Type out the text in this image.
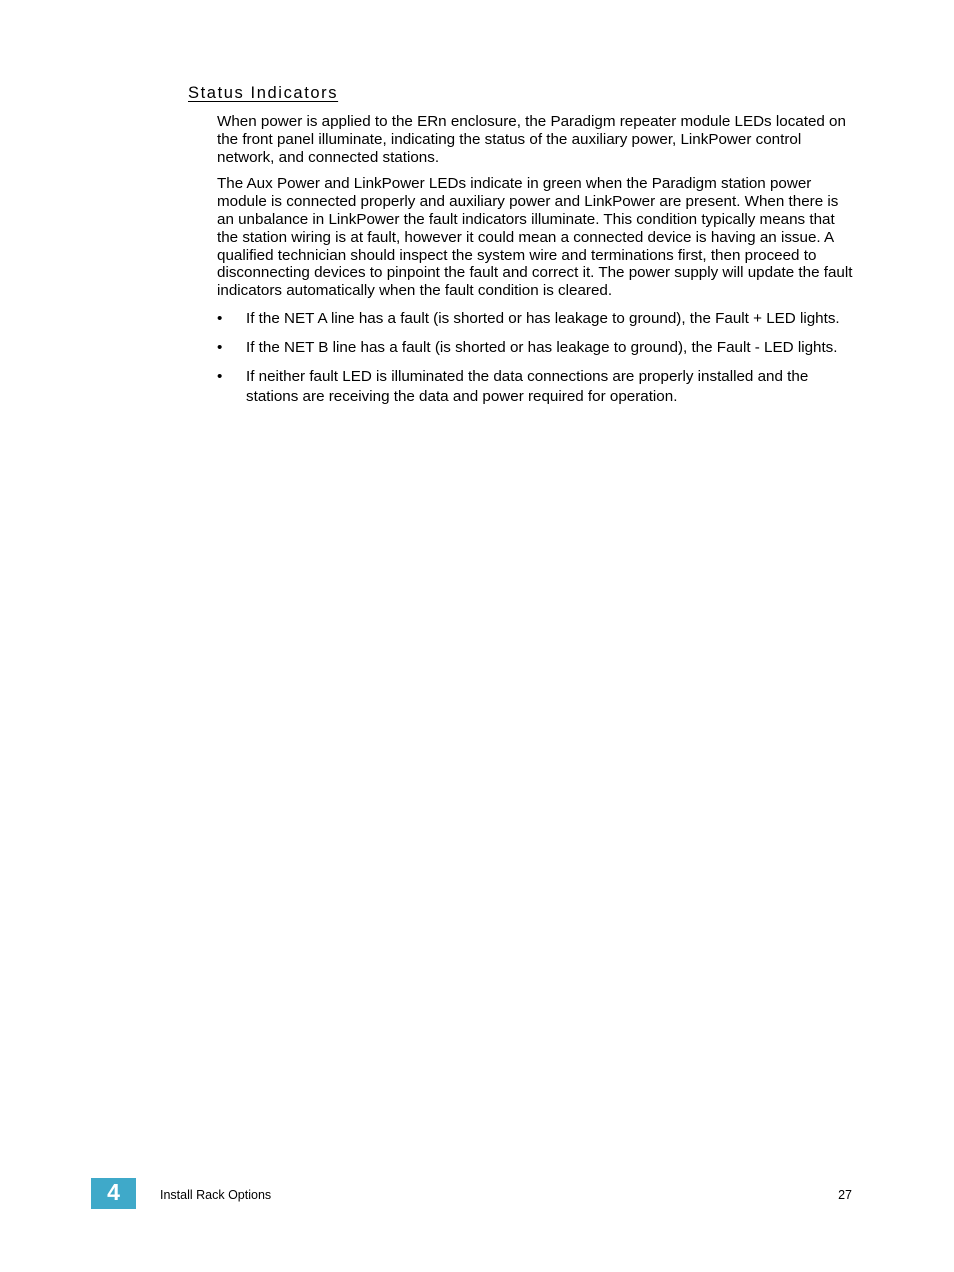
Status Indicators

When power is applied to the ERn enclosure, the Paradigm repeater module LEDs located on the front panel illuminate, indicating the status of the auxiliary power, LinkPower control network, and connected stations.

The Aux Power and LinkPower LEDs indicate in green when the Paradigm station power module is connected properly and auxiliary power and LinkPower are present. When there is an unbalance in LinkPower the fault indicators illuminate. This condition typically means that the station wiring is at fault, however it could mean a connected device is having an issue. A qualified technician should inspect the system wire and terminations first, then proceed to disconnecting devices to pinpoint the fault and correct it. The power supply will update the fault indicators automatically when the fault condition is cleared.

• If the NET A line has a fault (is shorted or has leakage to ground), the Fault + LED lights.
• If the NET B line has a fault (is shorted or has leakage to ground), the Fault - LED lights.
• If neither fault LED is illuminated the data connections are properly installed and the stations are receiving the data and power required for operation.
4	Install Rack Options	27
